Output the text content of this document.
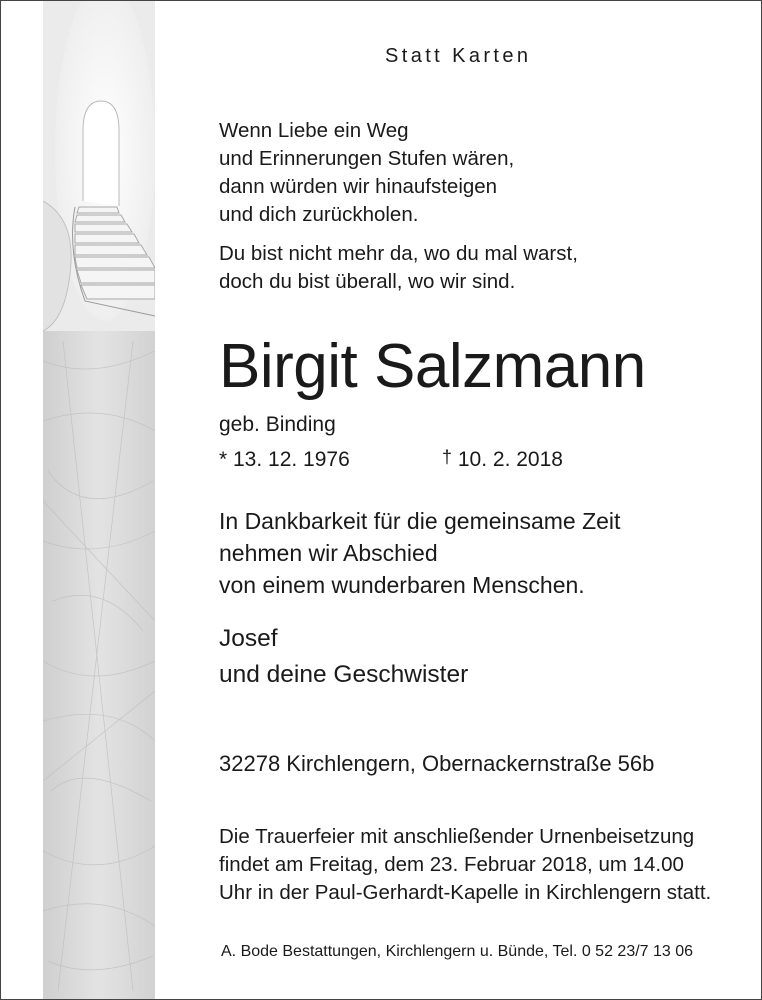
Statt Karten

Wenn Liebe ein Weg

und Erinnerungen Stufen wären,

dann würden wir hinaufsteigen

und dich zurückholen.

Du bist nicht mehr da, wo du mal warst,

doch du bist überall, wo wir sind.

Birgit Salzmann

geb. Binding

* 13. 12. 1976	† 10. 2. 2018

In Dankbarkeit für die gemeinsame Zeit

nehmen wir Abschied

von einem wunderbaren Menschen.

Josef

und deine Geschwister

32278 Kirchlengern, Obernackernstraße 56b

Die Trauerfeier mit anschließender Urnenbeisetzung

findet am Freitag, dem 23. Februar 2018, um 14.00

Uhr in der Paul-Gerhardt-Kapelle in Kirchlengern statt.

A. Bode Bestattungen, Kirchlengern u. Bünde, Tel. 0 52 23/7 13 06
